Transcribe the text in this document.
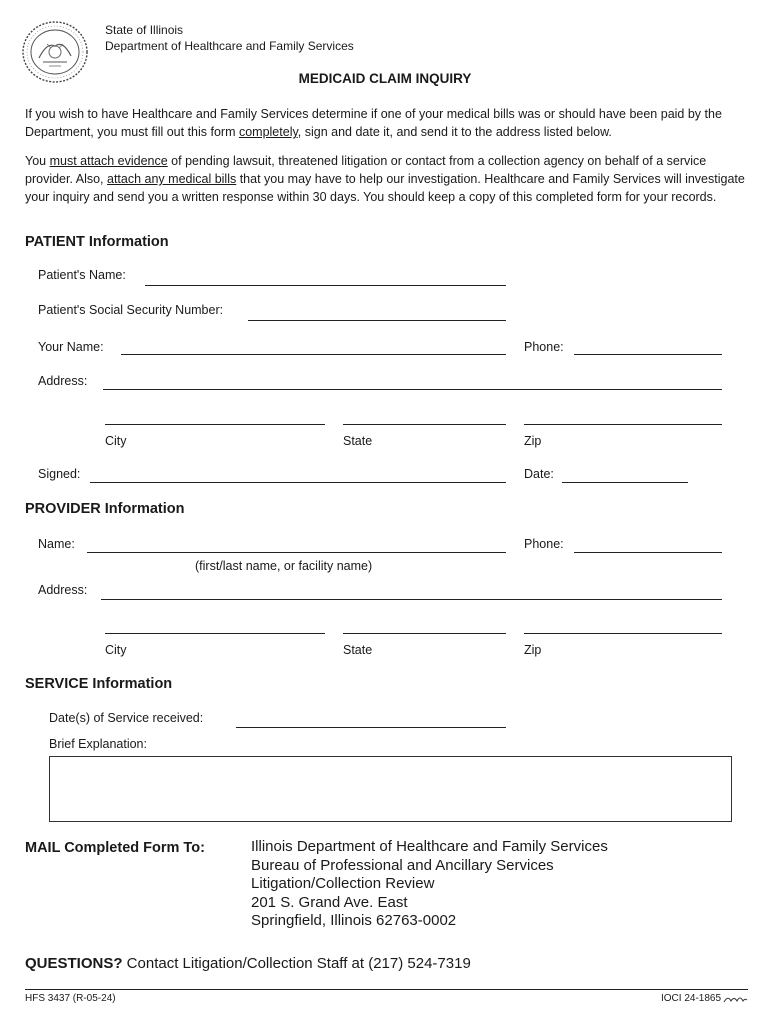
State of Illinois
Department of Healthcare and Family Services
MEDICAID CLAIM INQUIRY
If you wish to have Healthcare and Family Services determine if one of your medical bills was or should have been paid by the Department, you must fill out this form completely, sign and date it, and send it to the address listed below.
You must attach evidence of pending lawsuit, threatened litigation or contact from a collection agency on behalf of a service provider. Also, attach any medical bills that you may have to help our investigation. Healthcare and Family Services will investigate your inquiry and send you a written response within 30 days. You should keep a copy of this completed form for your records.
PATIENT Information
Patient's Name:
Patient's Social Security Number:
Your Name:	Phone:
Address:
City	State	Zip
Signed:	Date:
PROVIDER Information
Name:	Phone:
(first/last name, or facility name)
Address:
City	State	Zip
SERVICE Information
Date(s) of Service received:
Brief Explanation:
MAIL Completed Form To:	Illinois Department of Healthcare and Family Services
Bureau of Professional and Ancillary Services
Litigation/Collection Review
201 S. Grand Ave. East
Springfield, Illinois 62763-0002
QUESTIONS? Contact Litigation/Collection Staff at (217) 524-7319
HFS 3437 (R-05-24)	IOCI 24-1865
